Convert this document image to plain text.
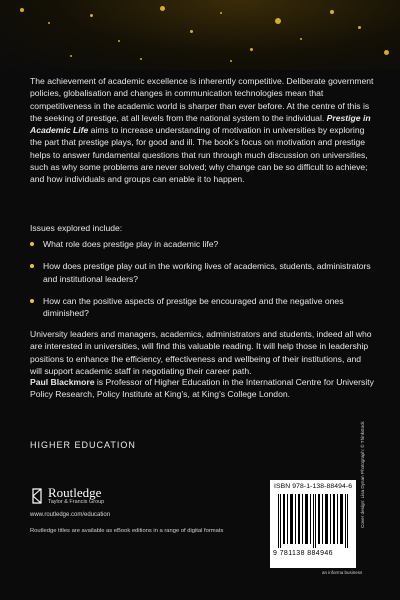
The achievement of academic excellence is inherently competitive. Deliberate government policies, globalisation and changes in communication technologies mean that competitiveness in the academic world is sharper than ever before. At the centre of this is the seeking of prestige, at all levels from the national system to the individual. Prestige in Academic Life aims to increase understanding of motivation in universities by exploring the part that prestige plays, for good and ill. The book’s focus on motivation and prestige helps to answer fundamental questions that run through much discussion on universities, such as why some problems are never solved; why change can be so difficult to achieve; and how individuals and groups can enable it to happen.
Issues explored include:
What role does prestige play in academic life?
How does prestige play out in the working lives of academics, students, administrators and institutional leaders?
How can the positive aspects of prestige be encouraged and the negative ones diminished?
University leaders and managers, academics, administrators and students, indeed all who are interested in universities, will find this valuable reading. It will help those in leadership positions to enhance the efficiency, effectiveness and wellbeing of their institutions, and will support academic staff in negotiating their career path.
Paul Blackmore is Professor of Higher Education in the International Centre for University Policy Research, Policy Institute at King’s, at King’s College London.
HIGHER EDUCATION
Routledge
Taylor & Francis Group
www.routledge.com/education
Routledge titles are available as eBook editions in a range of digital formats
ISBN 978-1-138-88494-6
9 781138 884946
Cover design: Lisa Dynan Photograph: © Thinkstock
an informa business
